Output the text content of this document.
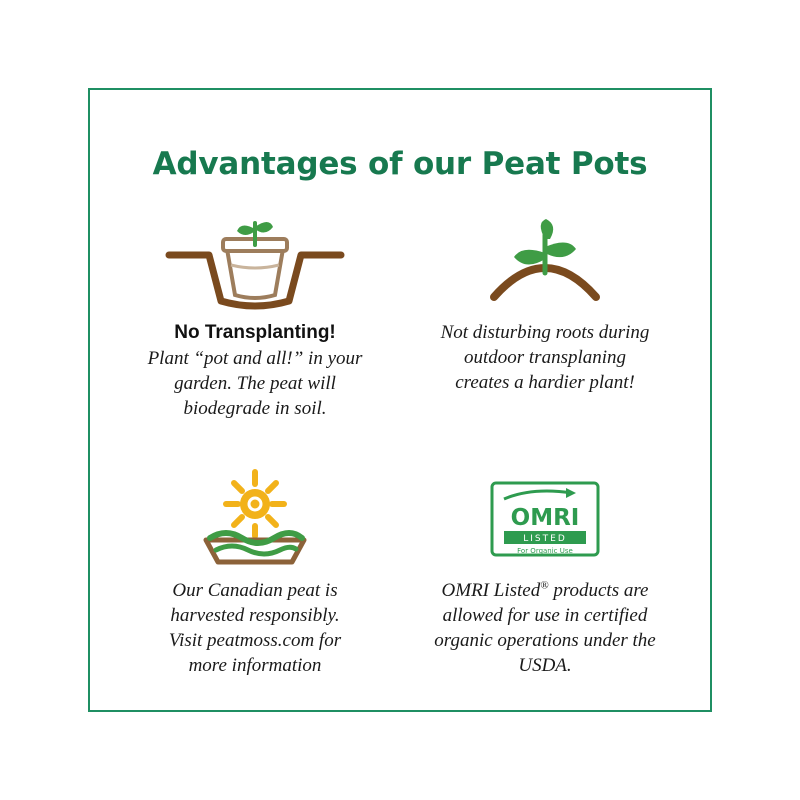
Advantages of our Peat Pots
No Transplanting!
Plant “pot and all!” in your garden. The peat will biodegrade in soil.
Not disturbing roots during outdoor transplaning creates a hardier plant!
Our Canadian peat is harvested responsibly. Visit peatmoss.com for more information
OMRI
LISTED
For Organic Use
OMRI Listed® products are allowed for use in certified organic operations under the USDA.
